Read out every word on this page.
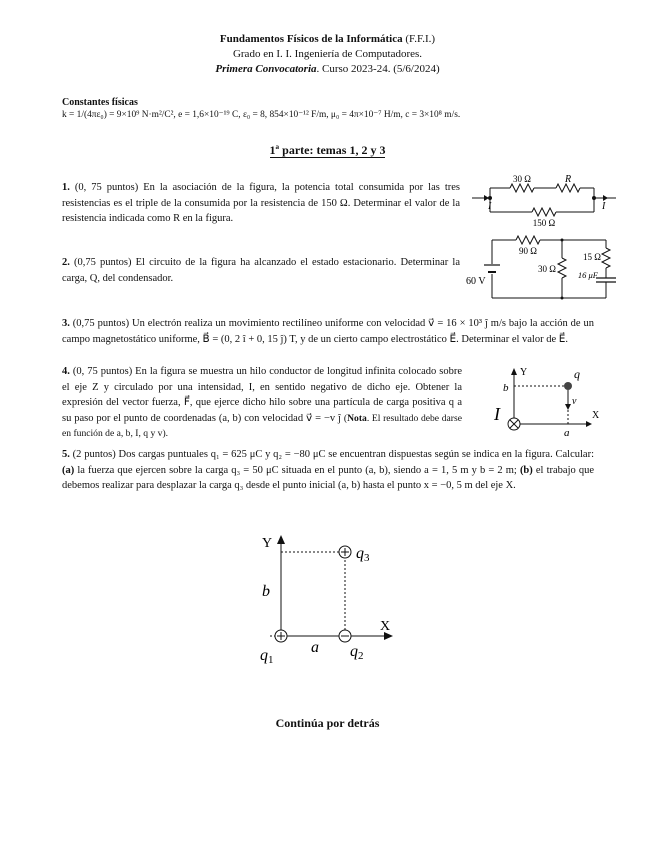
Fundamentos Físicos de la Informática (F.F.I.)
Grado en I. I. Ingeniería de Computadores.
Primera Convocatoria. Curso 2023-24. (5/6/2024)
Constantes físicas
k = 1/(4πε₀) = 9×10⁹ N·m²/C², e = 1,6×10⁻¹⁹ C, ε₀ = 8, 854×10⁻¹² F/m, μ₀ = 4π×10⁻⁷ H/m, c = 3×10⁸ m/s.
1ª parte: temas 1, 2 y 3
1. (0, 75 puntos) En la asociación de la figura, la potencia total consumida por las tres resistencias es el triple de la consumida por la resistencia de 150 Ω. Determinar el valor de la resistencia indicada como R en la figura.
2. (0,75 puntos) El circuito de la figura ha alcanzado el estado estacionario. Determinar la carga, Q, del condensador.
3. (0,75 puntos) Un electrón realiza un movimiento rectilíneo uniforme con velocidad v⃗ = 16 × 10³ ĵ m/s bajo la acción de un campo magnetostático uniforme, B⃗ = (0, 2 î + 0, 15 ĵ) T, y de un cierto campo electrostático E⃗. Determinar el valor de E⃗.
4. (0, 75 puntos) En la figura se muestra un hilo conductor de longitud infinita colocado sobre el eje Z y circulado por una intensidad, I, en sentido negativo de dicho eje. Obtener la expresión del vector fuerza, F⃗, que ejerce dicho hilo sobre una partícula de carga positiva q a su paso por el punto de coordenadas (a, b) con velocidad v⃗ = −v ĵ (Nota. El resultado debe darse en función de a, b, I, q y v).
5. (2 puntos) Dos cargas puntuales q₁ = 625 μC y q₂ = −80 μC se encuentran dispuestas según se indica en la figura. Calcular: (a) la fuerza que ejercen sobre la carga q₃ = 50 μC situada en el punto (a, b), siendo a = 1, 5 m y b = 2 m; (b) el trabajo que debemos realizar para desplazar la carga q₃ desde el punto inicial (a, b) hasta el punto x = −0, 5 m del eje X.
30 Ω	R
150 Ω
I	I
90 Ω
30 Ω
15 Ω
16 μF
60 V
Y
X
b
a
q
v⃗
I
Y
X
b
a
q1	q2
q3
Continúa por detrás
